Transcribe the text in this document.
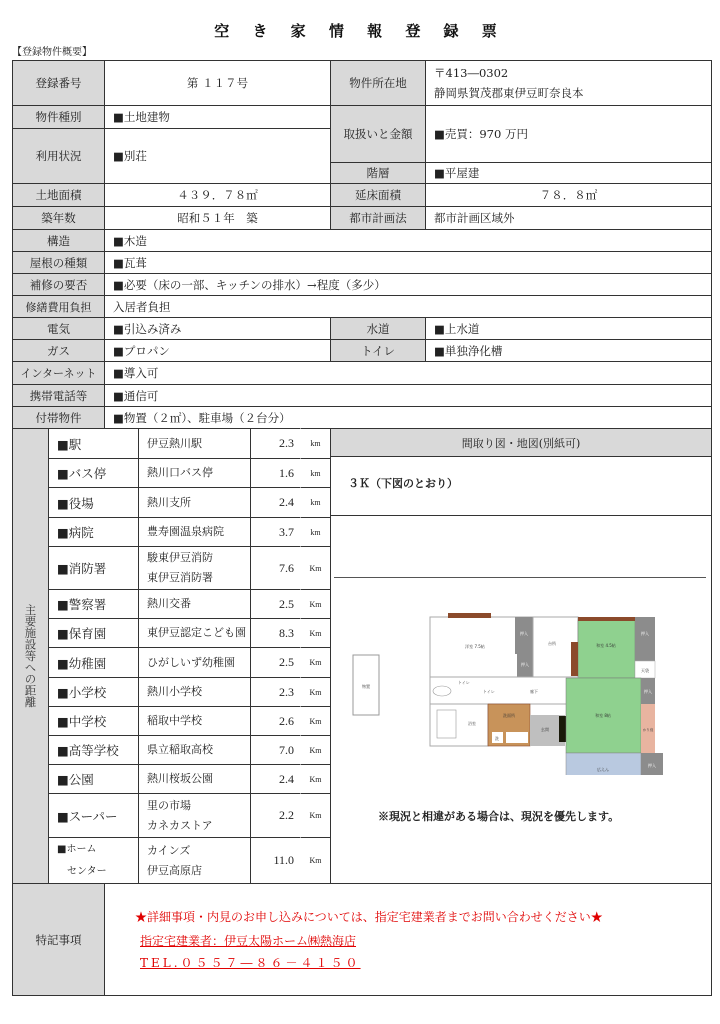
空 き 家 情 報 登 録 票
【登録物件概要】
登録番号	第 １１７号	物件所在地
〒413―0302
静岡県賀茂郡東伊豆町奈良本
物件種別	■土地建物
利用状況	■別荘
取扱いと金額	■売買：970 万円
階層	■平屋建
土地面積	４３９．７８㎡	延床面積	７８．８㎡
築年数	昭和５１年　築	都市計画法	都市計画区域外
構造	■木造
屋根の種類	■瓦葺
補修の要否	■必要（床の一部、キッチンの排水）→程度（多少）
修繕費用負担	入居者負担
電気	■引込み済み	水道	■上水道
ガス	■プロパン	トイレ	■単独浄化槽
インターネット	■導入可
携帯電話等	■通信可
付帯物件	■物置（２㎡）、駐車場（２台分）
主要施設等への距離
■駅	伊豆熱川駅	2.3	km
■バス停	熱川口バス停	1.6	km
■役場	熱川支所	2.4	km
■病院	豊寿園温泉病院	3.7	km
■消防署
駿東伊豆消防
東伊豆消防署
7.6	Km
■警察署	熱川交番	2.5	Km
■保育園	東伊豆認定こども園	8.3	Km
■幼稚園	ひがしいず幼稚園	2.5	Km
■小学校	熱川小学校	2.3	Km
■中学校	稲取中学校	2.6	Km
■高等学校	県立稲取高校	7.0	Km
■公園	熱川桜坂公園	2.4	Km
■スーパー
里の市場
カネカストア
2.2	Km
■ホーム
センター
カインズ
伊豆高原店
11.0	Km
間取り図・地図(別紙可)
３Ｋ（下図のとおり）
物置
洋室 7.5帖
押入
押入
台所	和室 4.5帖
押入
天袋
トイレ
トイレ	廊下
浴室
洗面所
洗
玄関
和室 8帖
押入
かり庭
広えん
押入
※現況と相違がある場合は、現況を優先します。
特記事項
★詳細事項・内見のお申し込みについては、指定宅建業者までお問い合わせください★
指定宅建業者：伊豆太陽ホーム㈱熱海店
TEL.０５５７―８６－４１５０
